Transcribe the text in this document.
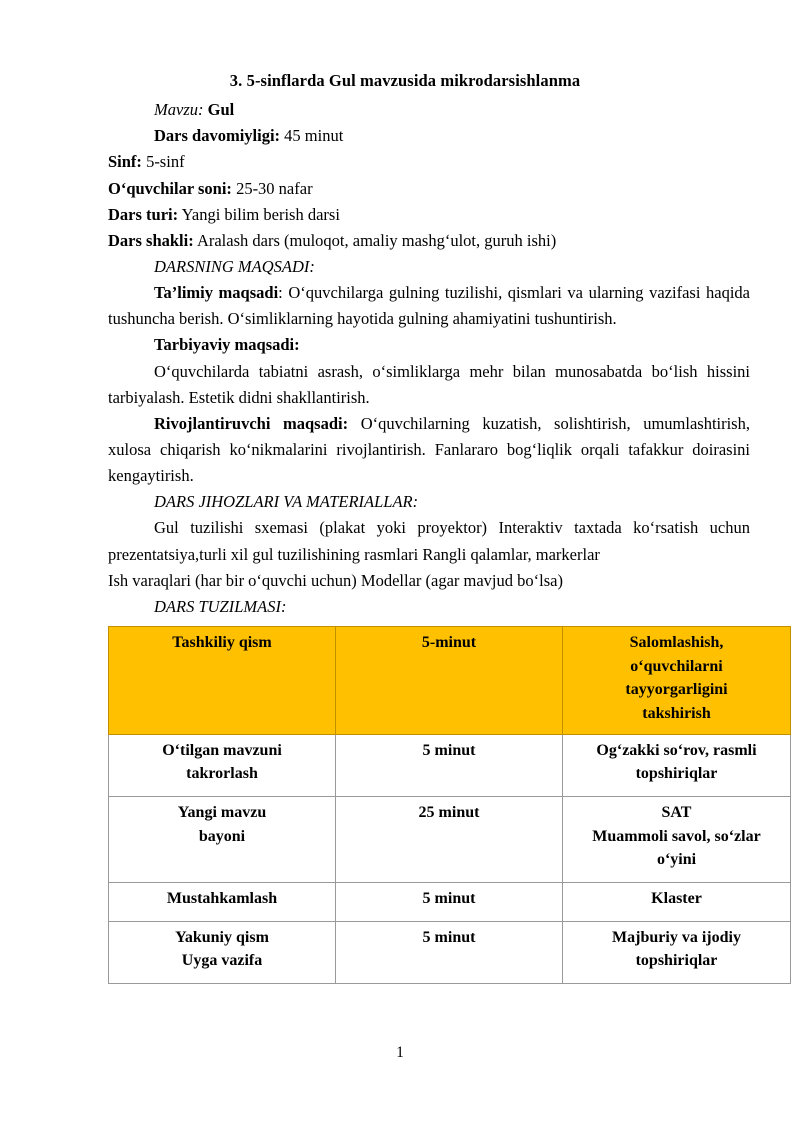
3. 5-sinflarda Gul mavzusida mikrodarsishlanma

Mavzu: Gul

Dars davomiyligi: 45 minut

Sinf: 5-sinf

O‘quvchilar soni: 25-30 nafar

Dars turi: Yangi bilim berish darsi

Dars shakli: Aralash dars (muloqot, amaliy mashg‘ulot, guruh ishi)

DARSNING MAQSADI:

Ta’limiy maqsadi: O‘quvchilarga gulning tuzilishi, qismlari va ularning vazifasi haqida tushuncha berish. O‘simliklarning hayotida gulning ahamiyatini tushuntirish.

Tarbiyaviy maqsadi:

O‘quvchilarda tabiatni asrash, o‘simliklarga mehr bilan munosabatda bo‘lish hissini tarbiyalash. Estetik didni shakllantirish.

Rivojlantiruvchi maqsadi: O‘quvchilarning kuzatish, solishtirish, umumlashtirish, xulosa chiqarish ko‘nikmalarini rivojlantirish. Fanlararo bog‘liqlik orqali tafakkur doirasini kengaytirish.

DARS JIHOZLARI VA MATERIALLAR:

Gul tuzilishi sxemasi (plakat yoki proyektor) Interaktiv taxtada ko‘rsatish uchun prezentatsiya,turli xil gul tuzilishining rasmlari Rangli qalamlar, markerlar

Ish varaqlari (har bir o‘quvchi uchun) Modellar (agar mavjud bo‘lsa)

DARS TUZILMASI:

Tashkiliy qism	5-minut	Salomlashish,
o‘quvchilarni
tayyorgarligini
takshirish

O‘tilgan mavzuni
takrorlash	5 minut	Og‘zakki so‘rov, rasmli
topshiriqlar

Yangi mavzu
bayoni	25 minut	SAT
Muammoli savol, so‘zlar
o‘yini

Mustahkamlash	5 minut	Klaster

Yakuniy qism
Uyga vazifa	5 minut	Majburiy va ijodiy
topshiriqlar
1
